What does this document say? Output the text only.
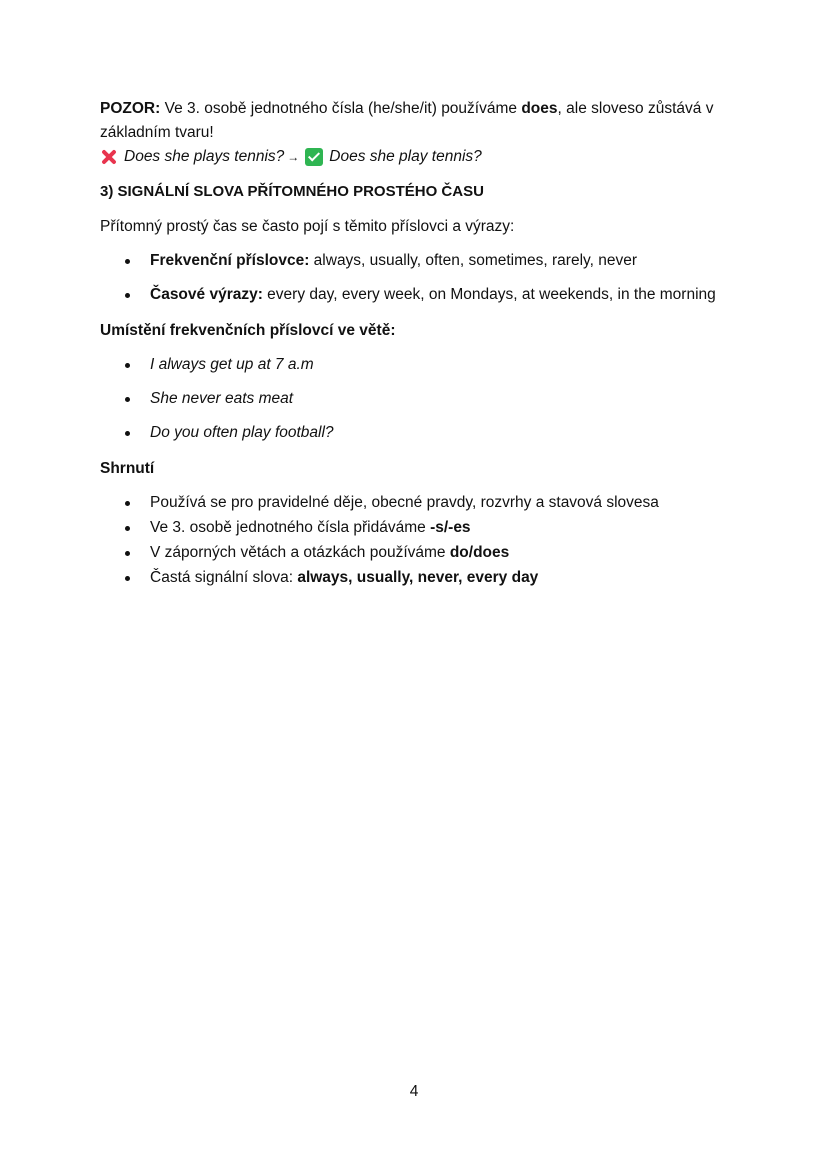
POZOR: Ve 3. osobě jednotného čísla (he/she/it) používáme does, ale sloveso zůstává v základním tvaru!

Does she plays tennis? → Does she play tennis?

3) SIGNÁLNÍ SLOVA PŘÍTOMNÉHO PROSTÉHO ČASU

Přítomný prostý čas se často pojí s těmito příslovci a výrazy:

Frekvenční příslovce: always, usually, often, sometimes, rarely, never
Časové výrazy: every day, every week, on Mondays, at weekends, in the morning

Umístění frekvenčních příslovcí ve větě:

I always get up at 7 a.m
She never eats meat
Do you often play football?

Shrnutí

Používá se pro pravidelné děje, obecné pravdy, rozvrhy a stavová slovesa
Ve 3. osobě jednotného čísla přidáváme -s/-es
V záporných větách a otázkách používáme do/does
Častá signální slova: always, usually, never, every day
4
